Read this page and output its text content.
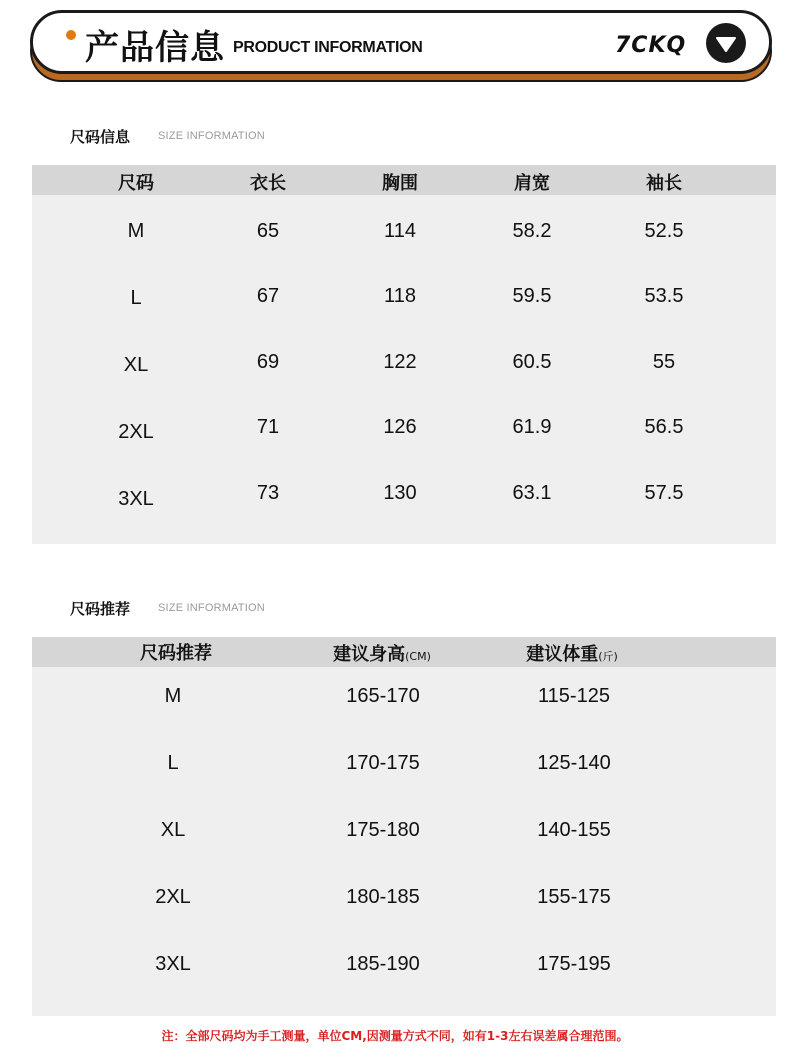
产品信息 PRODUCT INFORMATION	7CKQ
尺码信息	SIZE INFORMATION
尺码	衣长	胸围	肩宽	袖长
M	65	114	58.2	52.5
L	67	118	59.5	53.5
XL	69	122	60.5	55
2XL	71	126	61.9	56.5
3XL	73	130	63.1	57.5
尺码推荐	SIZE INFORMATION
尺码推荐	建议身高(CM)	建议体重(斤)
M	165-170	115-125
L	170-175	125-140
XL	175-180	140-155
2XL	180-185	155-175
3XL	185-190	175-195
注：全部尺码均为手工测量，单位CM,因测量方式不同，如有1-3左右误差属合理范围。
